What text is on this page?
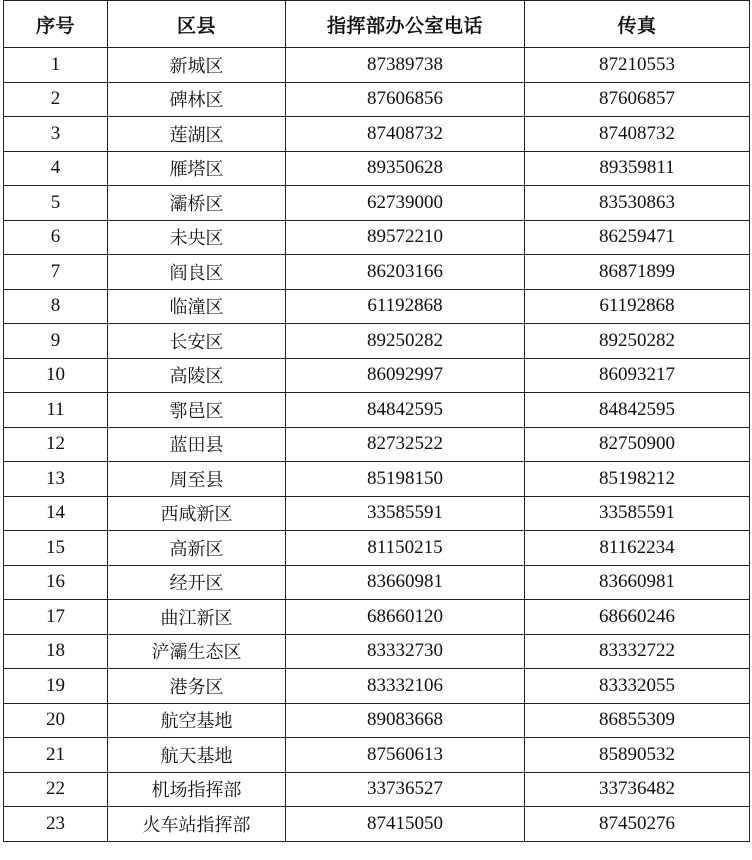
序号	区县	指挥部办公室电话	传真
1	新城区	87389738	87210553
2	碑林区	87606856	87606857
3	莲湖区	87408732	87408732
4	雁塔区	89350628	89359811
5	灞桥区	62739000	83530863
6	未央区	89572210	86259471
7	阎良区	86203166	86871899
8	临潼区	61192868	61192868
9	长安区	89250282	89250282
10	高陵区	86092997	86093217
11	鄠邑区	84842595	84842595
12	蓝田县	82732522	82750900
13	周至县	85198150	85198212
14	西咸新区	33585591	33585591
15	高新区	81150215	81162234
16	经开区	83660981	83660981
17	曲江新区	68660120	68660246
18	浐灞生态区	83332730	83332722
19	港务区	83332106	83332055
20	航空基地	89083668	86855309
21	航天基地	87560613	85890532
22	机场指挥部	33736527	33736482
23	火车站指挥部	87415050	87450276
